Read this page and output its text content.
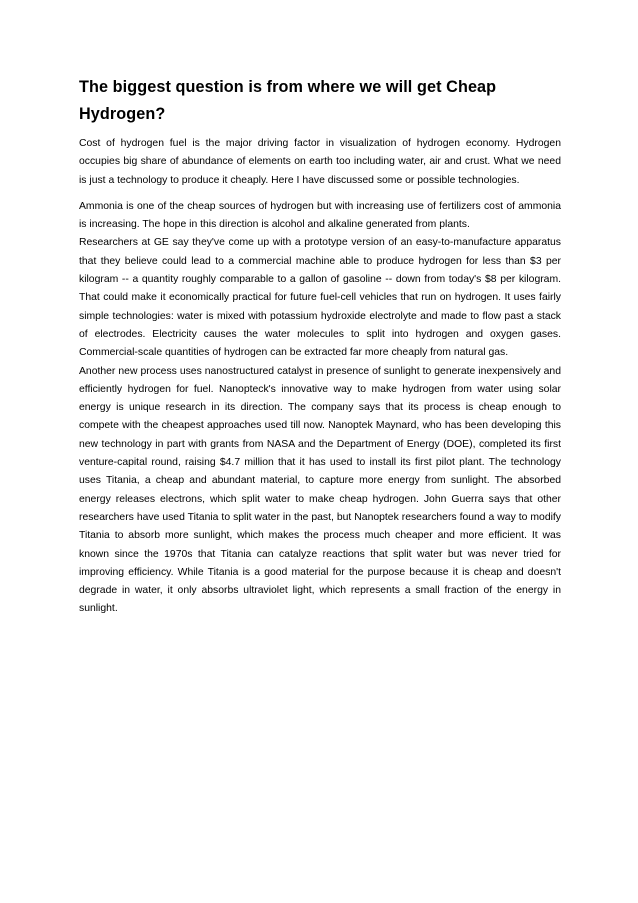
The biggest question is from where we will get Cheap Hydrogen?

Cost of hydrogen fuel is the major driving factor in visualization of hydrogen economy. Hydrogen occupies big share of abundance of elements on earth too including water, air and crust. What we need is just a technology to produce it cheaply. Here I have discussed some or possible technologies.

Ammonia is one of the cheap sources of hydrogen but with increasing use of fertilizers cost of ammonia is increasing. The hope in this direction is alcohol and alkaline generated from plants.

Researchers at GE say they've come up with a prototype version of an easy-to-manufacture apparatus that they believe could lead to a commercial machine able to produce hydrogen for less than $3 per kilogram -- a quantity roughly comparable to a gallon of gasoline -- down from today's $8 per kilogram. That could make it economically practical for future fuel-cell vehicles that run on hydrogen. It uses fairly simple technologies: water is mixed with potassium hydroxide electrolyte and made to flow past a stack of electrodes. Electricity causes the water molecules to split into hydrogen and oxygen gases. Commercial-scale quantities of hydrogen can be extracted far more cheaply from natural gas.

Another new process uses nanostructured catalyst in presence of sunlight to generate inexpensively and efficiently hydrogen for fuel. Nanopteck's innovative way to make hydrogen from water using solar energy is unique research in its direction. The company says that its process is cheap enough to compete with the cheapest approaches used till now. Nanoptek Maynard, who has been developing this new technology in part with grants from NASA and the Department of Energy (DOE), completed its first venture-capital round, raising $4.7 million that it has used to install its first pilot plant. The technology uses Titania, a cheap and abundant material, to capture more energy from sunlight. The absorbed energy releases electrons, which split water to make cheap hydrogen. John Guerra says that other researchers have used Titania to split water in the past, but Nanoptek researchers found a way to modify Titania to absorb more sunlight, which makes the process much cheaper and more efficient. It was known since the 1970s that Titania can catalyze reactions that split water but was never tried for improving efficiency. While Titania is a good material for the purpose because it is cheap and doesn't degrade in water, it only absorbs ultraviolet light, which represents a small fraction of the energy in sunlight.
